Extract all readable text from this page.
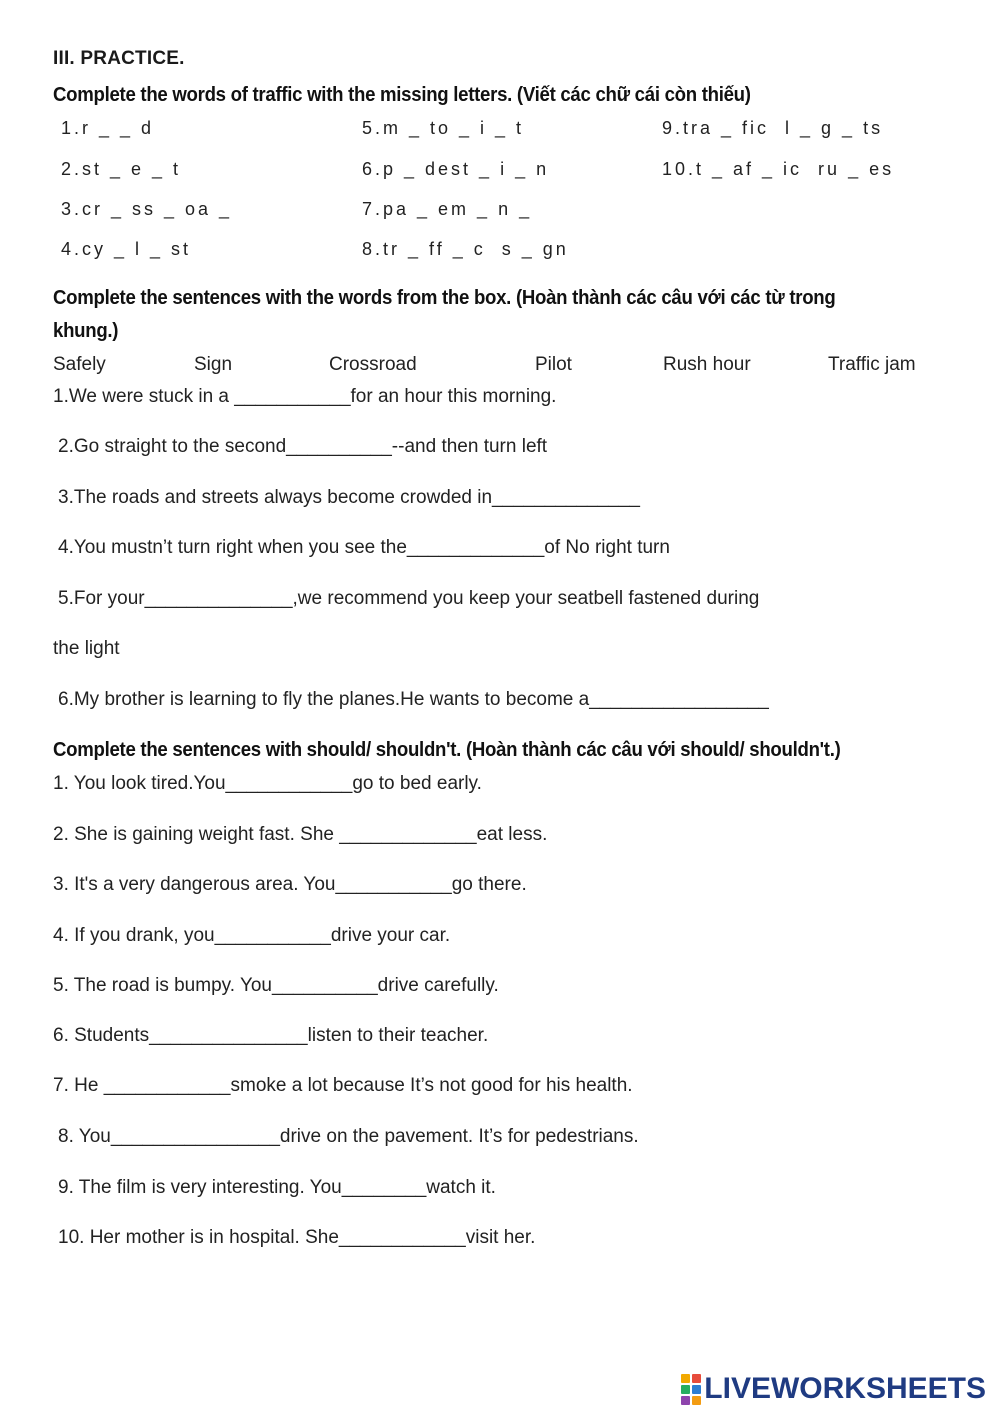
III. PRACTICE.
Complete the words of traffic with the missing letters. (Viết các chữ cái còn thiếu)
1.r _ _ d
2.st _ e _ t
3.cr _ ss _ oa _
4.cy _ l _ st
5.m _ to _ i _ t
6.p _ dest _ i _ n
7.pa _ em _ n _
8.tr _ ff _ c  s _ gn
9.tra _ fic  l _ g _ ts
10.t _ af _ ic  ru _ es
Complete the sentences with the words from the box. (Hoàn thành các câu với các từ trong
khung.)
Safely	Sign	Crossroad	Pilot	Rush hour	Traffic jam
1.We were stuck in a ___________for an hour this morning.
2.Go straight to the second__________--and then turn left
3.The roads and streets always become crowded in______________
4.You mustn’t turn right when you see the_____________of No right turn
5.For your______________,we recommend you keep your seatbell fastened during
the light
6.My brother is learning to fly the planes.He wants to become a_________________
Complete the sentences with should/ shouldn't. (Hoàn thành các câu với should/ shouldn't.)
1. You look tired.You____________go to bed early.
2. She is gaining weight fast. She _____________eat less.
3. It's a very dangerous area. You___________go there.
4. If you drank, you___________drive your car.
5. The road is bumpy. You__________drive carefully.
6. Students_______________listen to their teacher.
7. He ____________smoke a lot because It’s not good for his health.
8. You________________drive on the pavement. It’s for pedestrians.
9. The film is very interesting. You________watch it.
10. Her mother is in hospital. She____________visit her.
LIVEWORKSHEETS
